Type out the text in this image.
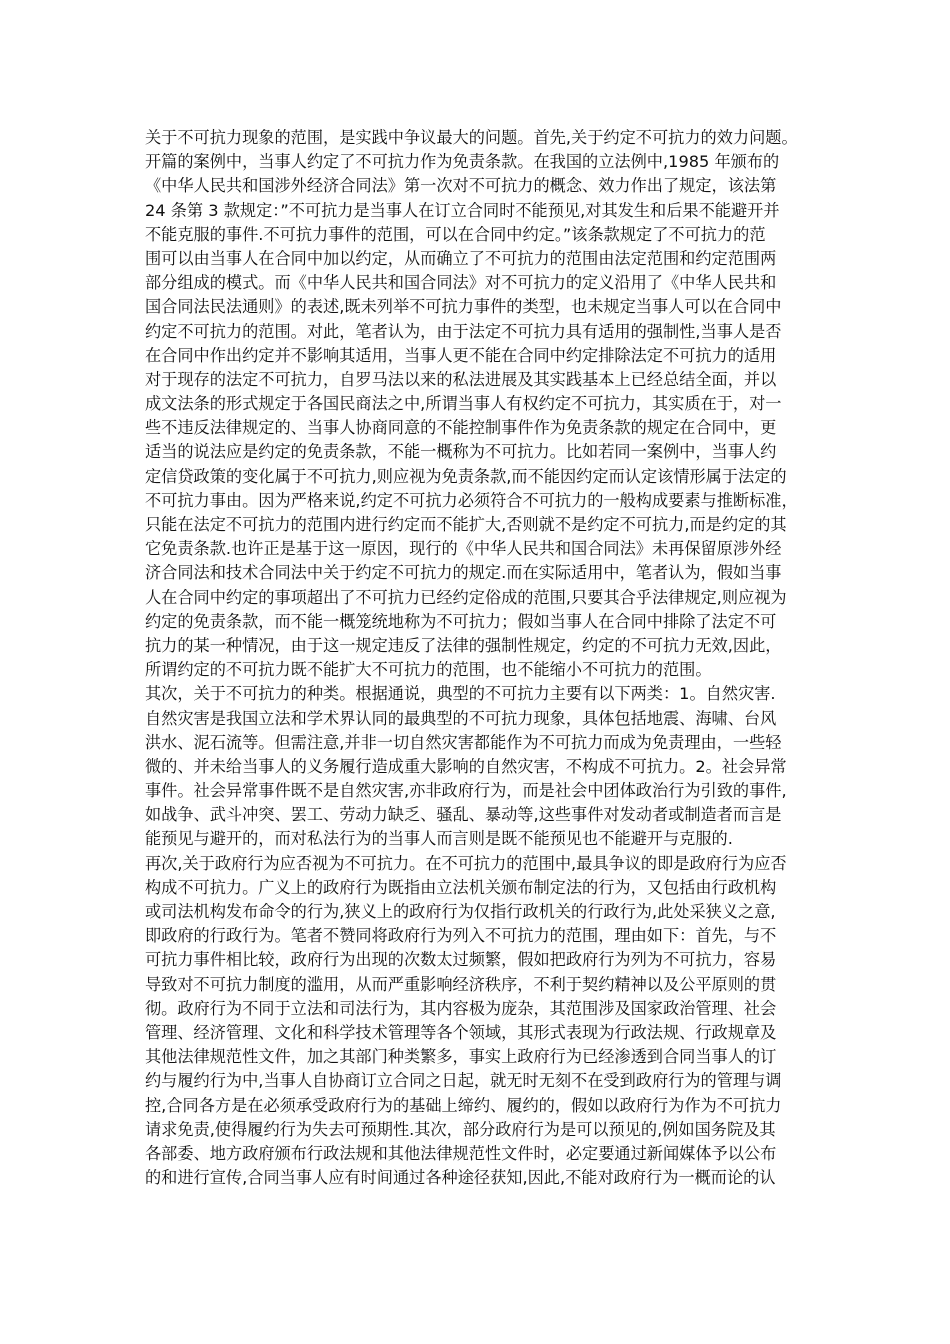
关于不可抗力现象的范围，是实践中争议最大的问题。首先,关于约定不可抗力的效力问题。
开篇的案例中，当事人约定了不可抗力作为免责条款。在我国的立法例中,1985 年颁布的
《中华人民共和国涉外经济合同法》第一次对不可抗力的概念、效力作出了规定，该法第
24 条第 3 款规定：”不可抗力是当事人在订立合同时不能预见,对其发生和后果不能避开并
不能克服的事件.不可抗力事件的范围，可以在合同中约定。”该条款规定了不可抗力的范
围可以由当事人在合同中加以约定，从而确立了不可抗力的范围由法定范围和约定范围两
部分组成的模式。而《中华人民共和国合同法》对不可抗力的定义沿用了《中华人民共和
国合同法民法通则》的表述,既未列举不可抗力事件的类型，也未规定当事人可以在合同中
约定不可抗力的范围。对此，笔者认为，由于法定不可抗力具有适用的强制性,当事人是否
在合同中作出约定并不影响其适用，当事人更不能在合同中约定排除法定不可抗力的适用
对于现存的法定不可抗力，自罗马法以来的私法进展及其实践基本上已经总结全面，并以
成文法条的形式规定于各国民商法之中,所谓当事人有权约定不可抗力，其实质在于，对一
些不违反法律规定的、当事人协商同意的不能控制事件作为免责条款的规定在合同中，更
适当的说法应是约定的免责条款，不能一概称为不可抗力。比如若同一案例中，当事人约
定信贷政策的变化属于不可抗力,则应视为免责条款,而不能因约定而认定该情形属于法定的
不可抗力事由。因为严格来说,约定不可抗力必须符合不可抗力的一般构成要素与推断标准，
只能在法定不可抗力的范围内进行约定而不能扩大,否则就不是约定不可抗力,而是约定的其
它免责条款.也许正是基于这一原因，现行的《中华人民共和国合同法》未再保留原涉外经
济合同法和技术合同法中关于约定不可抗力的规定.而在实际适用中，笔者认为，假如当事
人在合同中约定的事项超出了不可抗力已经约定俗成的范围,只要其合乎法律规定,则应视为
约定的免责条款，而不能一概笼统地称为不可抗力；假如当事人在合同中排除了法定不可
抗力的某一种情况，由于这一规定违反了法律的强制性规定，约定的不可抗力无效,因此，
所谓约定的不可抗力既不能扩大不可抗力的范围，也不能缩小不可抗力的范围。
其次，关于不可抗力的种类。根据通说，典型的不可抗力主要有以下两类：1。自然灾害.
自然灾害是我国立法和学术界认同的最典型的不可抗力现象，具体包括地震、海啸、台风
洪水、泥石流等。但需注意,并非一切自然灾害都能作为不可抗力而成为免责理由，一些轻
微的、并未给当事人的义务履行造成重大影响的自然灾害，不构成不可抗力。2。社会异常
事件。社会异常事件既不是自然灾害,亦非政府行为，而是社会中团体政治行为引致的事件,
如战争、武斗冲突、罢工、劳动力缺乏、骚乱、暴动等,这些事件对发动者或制造者而言是
能预见与避开的，而对私法行为的当事人而言则是既不能预见也不能避开与克服的.
再次,关于政府行为应否视为不可抗力。在不可抗力的范围中,最具争议的即是政府行为应否
构成不可抗力。广义上的政府行为既指由立法机关颁布制定法的行为，又包括由行政机构
或司法机构发布命令的行为,狭义上的政府行为仅指行政机关的行政行为,此处采狭义之意,
即政府的行政行为。笔者不赞同将政府行为列入不可抗力的范围，理由如下：首先，与不
可抗力事件相比较，政府行为出现的次数太过频繁，假如把政府行为列为不可抗力，容易
导致对不可抗力制度的滥用，从而严重影响经济秩序，不利于契约精神以及公平原则的贯
彻。政府行为不同于立法和司法行为，其内容极为庞杂，其范围涉及国家政治管理、社会
管理、经济管理、文化和科学技术管理等各个领域，其形式表现为行政法规、行政规章及
其他法律规范性文件，加之其部门种类繁多，事实上政府行为已经渗透到合同当事人的订
约与履约行为中,当事人自协商订立合同之日起，就无时无刻不在受到政府行为的管理与调
控,合同各方是在必须承受政府行为的基础上缔约、履约的，假如以政府行为作为不可抗力
请求免责,使得履约行为失去可预期性.其次，部分政府行为是可以预见的,例如国务院及其
各部委、地方政府颁布行政法规和其他法律规范性文件时，必定要通过新闻媒体予以公布
的和进行宣传,合同当事人应有时间通过各种途径获知,因此,不能对政府行为一概而论的认
